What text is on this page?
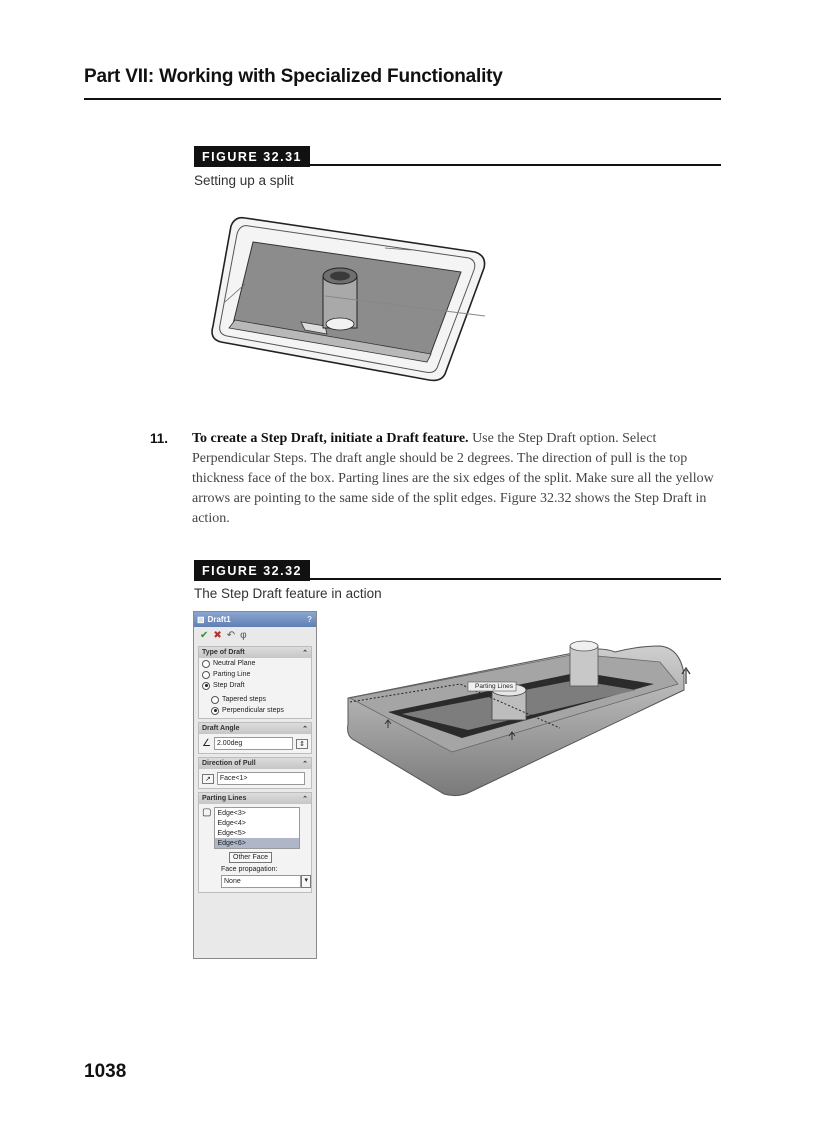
Part VII: Working with Specialized Functionality
FIGURE 32.31
Setting up a split
11. To create a Step Draft, initiate a Draft feature. Use the Step Draft option. Select Perpendicular Steps. The draft angle should be 2 degrees. The direction of pull is the top thickness face of the box. Parting lines are the six edges of the split. Make sure all the yellow arrows are pointing to the same side of the split edges. Figure 32.32 shows the Step Draft in action.
FIGURE 32.32
The Step Draft feature in action
▧ Draft1	?
✔ ✖ ↶ φ
Type of Draft	⌃
Neutral Plane
Parting Line
Step Draft
Tapered steps
Perpendicular steps
Draft Angle	⌃
∠ 2.00deg	⇕
Direction of Pull	⌃
↗	Face<1>
Parting Lines	⌃
▢ Edge<3>
Edge<4>
Edge<5>
Edge<6>
Other Face
Face propagation:
None	▾
Parting Lines
1038
